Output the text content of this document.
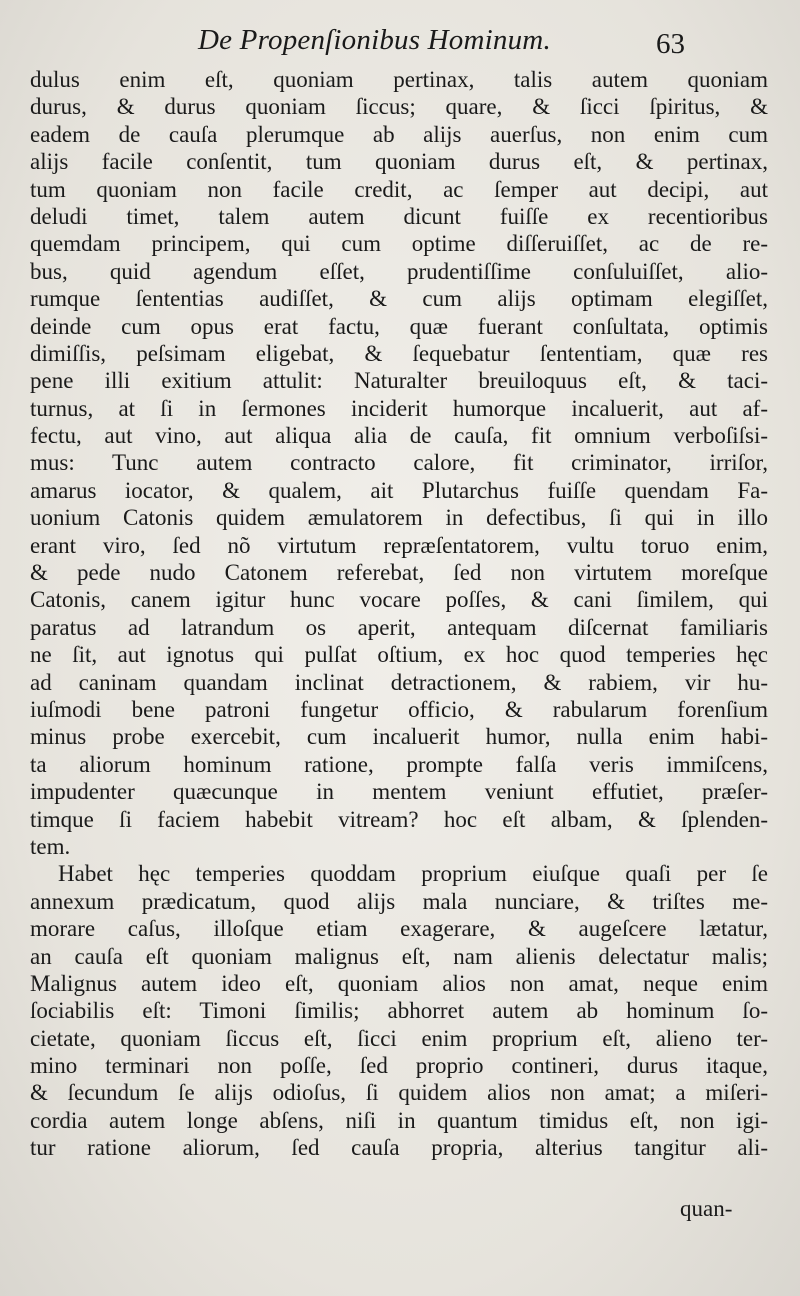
De Propenſionibus Hominum.	63
dulus enim eſt, quoniam pertinax, talis autem quoniam
durus, & durus quoniam ſiccus; quare, & ſicci ſpiritus, &
eadem de cauſa plerumque ab alijs auerſus, non enim cum
alijs facile conſentit, tum quoniam durus eſt, & pertinax,
tum quoniam non facile credit, ac ſemper aut decipi, aut
deludi timet, talem autem dicunt fuiſſe ex recentioribus
quemdam principem, qui cum optime diſſeruiſſet, ac de re-
bus, quid agendum eſſet, prudentiſſime conſuluiſſet, alio-
rumque ſententias audiſſet, & cum alijs optimam elegiſſet,
deinde cum opus erat factu, quæ fuerant conſultata, optimis
dimiſſis, peſsimam eligebat, & ſequebatur ſententiam, quæ res
pene illi exitium attulit: Naturalter breuiloquus eſt, & taci-
turnus, at ſi in ſermones inciderit humorque incaluerit, aut af-
fectu, aut vino, aut aliqua alia de cauſa, fit omnium verboſiſsi-
mus: Tunc autem contracto calore, fit criminator, irriſor,
amarus iocator, & qualem, ait Plutarchus fuiſſe quendam Fa-
uonium Catonis quidem æmulatorem in defectibus, ſi qui in illo
erant viro, ſed nõ virtutum repræſentatorem, vultu toruo enim,
& pede nudo Catonem referebat, ſed non virtutem moreſque
Catonis, canem igitur hunc vocare poſſes, & cani ſimilem, qui
paratus ad latrandum os aperit, antequam diſcernat familiaris
ne ſit, aut ignotus qui pulſat oſtium, ex hoc quod temperies hęc
ad caninam quandam inclinat detractionem, & rabiem, vir hu-
iuſmodi bene patroni fungetur officio, & rabularum forenſium
minus probe exercebit, cum incaluerit humor, nulla enim habi-
ta aliorum hominum ratione, prompte falſa veris immiſcens,
impudenter quæcunque in mentem veniunt effutiet, præſer-
timque ſi faciem habebit vitream? hoc eſt albam, & ſplenden-
tem.
Habet hęc temperies quoddam proprium eiuſque quaſi per ſe
annexum prædicatum, quod alijs mala nunciare, & triſtes me-
morare caſus, illoſque etiam exagerare, & augeſcere lætatur,
an cauſa eſt quoniam malignus eſt, nam alienis delectatur malis;
Malignus autem ideo eſt, quoniam alios non amat, neque enim
ſociabilis eſt: Timoni ſimilis; abhorret autem ab hominum ſo-
cietate, quoniam ſiccus eſt, ſicci enim proprium eſt, alieno ter-
mino terminari non poſſe, ſed proprio contineri, durus itaque,
& ſecundum ſe alijs odioſus, ſi quidem alios non amat; a miſeri-
cordia autem longe abſens, niſi in quantum timidus eſt, non igi-
tur ratione aliorum, ſed cauſa propria, alterius tangitur ali-
quan-
